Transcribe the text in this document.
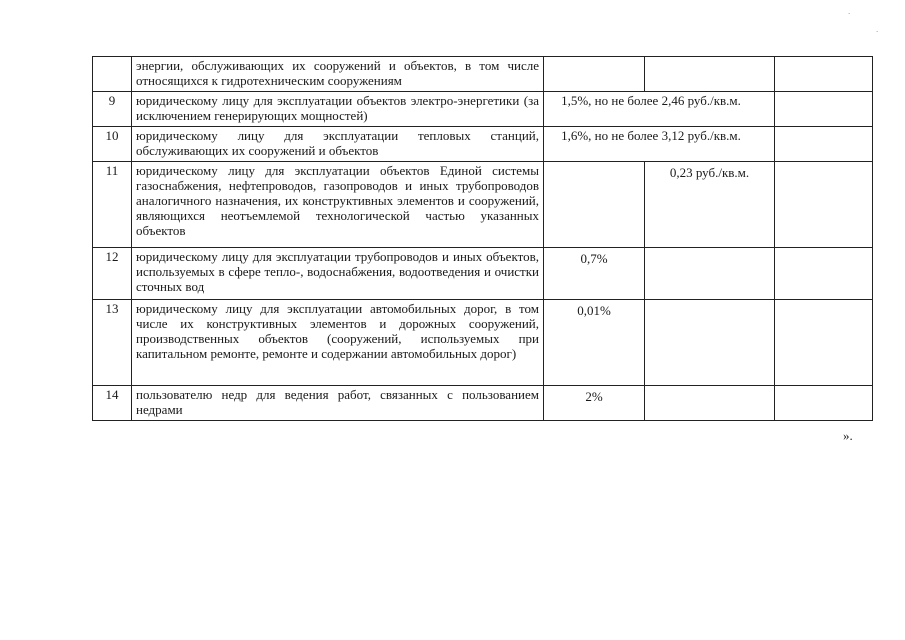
·
·
	энергии, обслуживающих их сооружений и объектов, в том числе относящихся к гидротехническим сооружениям			
9	юридическому лицу для эксплуатации объектов электро-энергетики (за исключением генерирующих мощностей)	1,5%, но не более 2,46 руб./кв.м.		
10	юридическому лицу для эксплуатации тепловых станций, обслуживающих их сооружений и объектов	1,6%, но не более 3,12 руб./кв.м.		
11	юридическому лицу для эксплуатации объектов Единой системы газоснабжения, нефтепроводов, газопроводов и иных трубопроводов аналогичного назначения, их конструктивных элементов и сооружений, являющихся неотъемлемой технологической частью указанных объектов		0,23 руб./кв.м.	
12	юридическому лицу для эксплуатации трубопроводов и иных объектов, используемых в сфере тепло-, водоснабжения, водоотведения и очистки сточных вод	0,7%		
13	юридическому лицу для эксплуатации автомобильных дорог, в том числе их конструктивных элементов и дорожных сооружений, производственных объектов (сооружений, используемых при капитальном ремонте, ремонте и содержании автомобильных дорог)	0,01%		
14	пользователю недр для ведения работ, связанных с пользованием недрами	2%		
».
